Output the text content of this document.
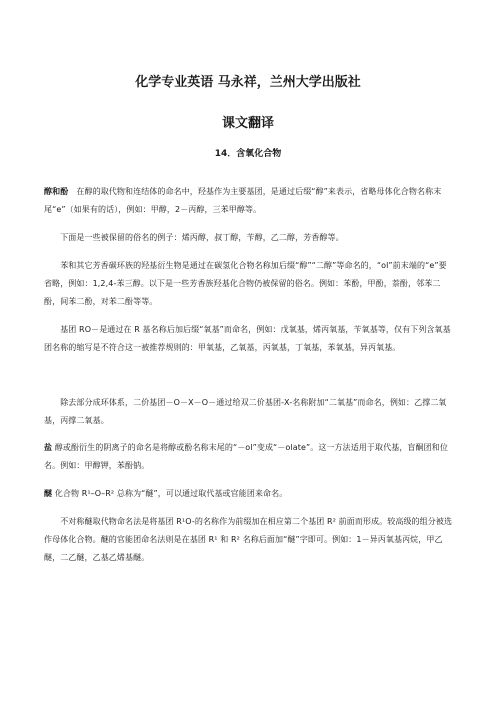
化学专业英语 马永祥，兰州大学出版社
课文翻译
14．含氧化合物

醇和酚　在醇的取代物和连结体的命名中，羟基作为主要基团，是通过后缀“醇”来表示，省略母体化合物名称末尾“e”（如果有的话），例如：甲醇，2－丙醇，三苯甲醇等。

　　下面是一些被保留的俗名的例子：烯丙醇，叔丁醇，苄醇，乙二醇，芳香醇等。

　　苯和其它芳香碳环族的羟基衍生物是通过在碳氢化合物名称加后缀“醇”“二醇”等命名的，“ol”前末端的“e”要省略，例如：1,2,4-苯三醇。以下是一些芳香族羟基化合物仍被保留的俗名。例如：苯酚，甲酚，萘酚，邻苯二酚，间苯二酚，对苯二酚等等。

　　基团 RO－是通过在 R 基名称后加后缀“氧基”而命名，例如：戊氧基，烯丙氧基，苄氧基等，仅有下列含氧基团名称的缩写是不符合这一被推荐规则的：甲氧基，乙氧基，丙氧基，丁氧基，苯氧基，异丙氧基。

　　除去部分成环体系，二价基团－O－X－O－通过给双二价基团-X-名称附加“二氧基”而命名，例如：乙撑二氧基，丙撑二氧基。

盐 醇或酚衍生的阴离子的命名是将醇或酚名称末尾的“－ol”变成“－olate”。这一方法适用于取代基，盲酮团和位名。例如：甲醇钾，苯酚钠。

醚 化合物 R¹–O–R² 总称为“醚”，可以通过取代基或官能团来命名。

　　不对称醚取代物命名法是将基团 R¹O-的名称作为前缀加在相应第二个基团 R² 前面而形成。较高级的组分被选作母体化合物。醚的官能团命名法则是在基团 R¹ 和 R² 名称后面加“醚”字即可。例如：1－异丙氧基丙烷，甲乙醚，二乙醚，乙基乙烯基醚。
